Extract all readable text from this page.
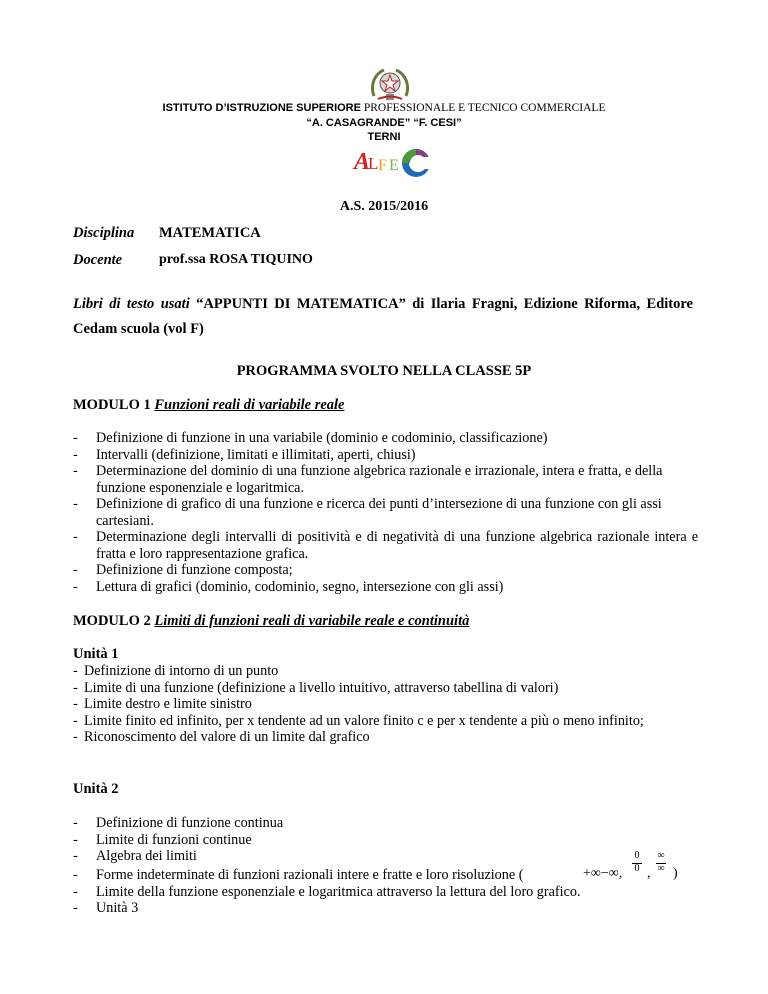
ISTITUTO D’ISTRUZIONE SUPERIORE PROFESSIONALE E TECNICO COMMERCIALE
“A. CASAGRANDE” “F. CESI”
TERNI
A
L F E
A.S. 2015/2016
Disciplina MATEMATICA
Docente	prof.ssa ROSA TIQUINO
Libri di testo usati “APPUNTI DI MATEMATICA” di Ilaria Fragni, Edizione Riforma, Editore Cedam scuola (vol F)
PROGRAMMA SVOLTO NELLA CLASSE 5P
MODULO 1 Funzioni reali di variabile reale
- Definizione di funzione in una variabile (dominio e codominio, classificazione)
- Intervalli (definizione, limitati e illimitati, aperti, chiusi)
- Determinazione del dominio di una funzione algebrica razionale e irrazionale, intera e fratta, e della funzione esponenziale e logaritmica.
- Definizione di grafico di una funzione e ricerca dei punti d’intersezione di una funzione con gli assi cartesiani.
- Determinazione degli intervalli di positività e di negatività di una funzione algebrica razionale intera e fratta e loro rappresentazione grafica.
- Definizione di funzione composta;
- Lettura di grafici (dominio, codominio, segno, intersezione con gli assi)
MODULO 2 Limiti di funzioni reali di variabile reale e continuità
Unità 1
- Definizione di intorno di un punto
- Limite di una funzione (definizione a livello intuitivo, attraverso tabellina di valori)
- Limite destro e limite sinistro
- Limite finito ed infinito, per x tendente ad un valore finito c e per x tendente a più o meno infinito;
- Riconoscimento del valore di un limite dal grafico
Unità 2
- Definizione di funzione continua
- Limite di funzioni continue
- Algebra dei limiti	0
0
∞
∞
- Forme indeterminate di funzioni razionali intere e fratte e loro risoluzione (
- Limite della funzione esponenziale e logaritmica attraverso la lettura del loro grafico.
- Unità 3
+∞−∞, , )
